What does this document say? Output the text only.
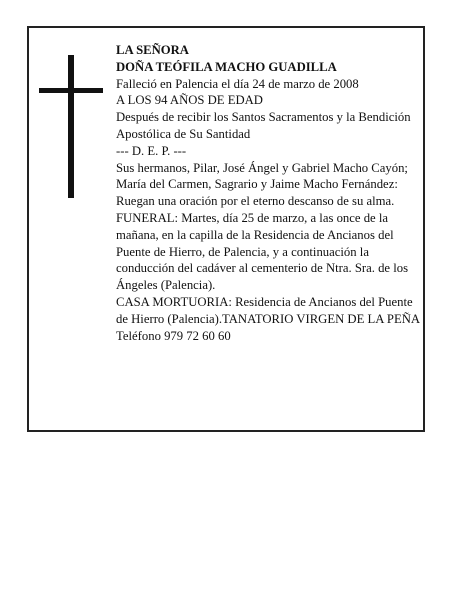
LA SEÑORA

DOÑA TEÓFILA MACHO GUADILLA

Falleció en Palencia el día 24 de marzo de 2008

A LOS 94 AÑOS DE EDAD

Después de recibir los Santos Sacramentos y la Bendición Apostólica de Su Santidad

--- D. E. P. ---

Sus hermanos, Pilar, José Ángel y Gabriel Macho Cayón; María del Carmen, Sagrario y Jaime Macho Fernández:

Ruegan una oración por el eterno descanso de su alma.

FUNERAL: Martes, día 25 de marzo, a las once de la mañana, en la capilla de la Residencia de Ancianos del Puente de Hierro, de Palencia, y a continuación la conducción del cadáver al cementerio de Ntra. Sra. de los Ángeles (Palencia).

CASA MORTUORIA: Residencia de Ancianos del Puente de Hierro (Palencia).TANATORIO VIRGEN DE LA PEÑA

Teléfono 979 72 60 60
